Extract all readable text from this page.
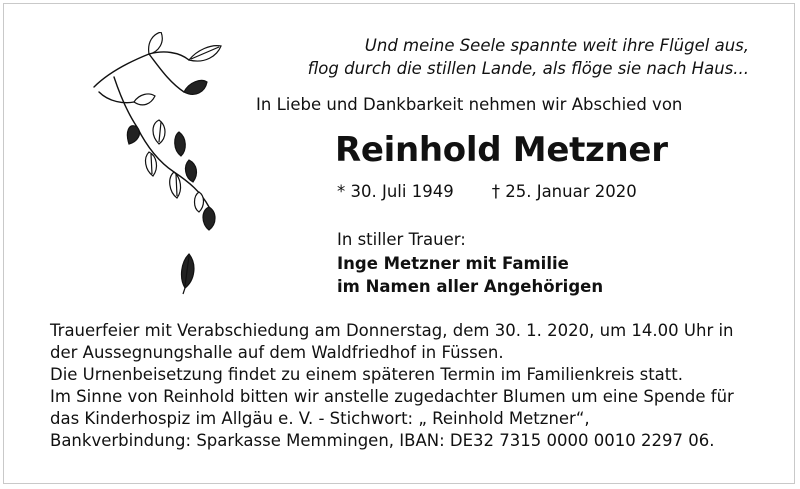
Und meine Seele spannte weit ihre Flügel aus,
flog durch die stillen Lande, als flöge sie nach Haus...
In Liebe und Dankbarkeit nehmen wir Abschied von
Reinhold Metzner
* 30. Juli 1949 † 25. Januar 2020
In stiller Trauer:
Inge Metzner mit Familie
im Namen aller Angehörigen
Trauerfeier mit Verabschiedung am Donnerstag, dem 30. 1. 2020, um 14.00 Uhr in
der Aussegnungshalle auf dem Waldfriedhof in Füssen.
Die Urnenbeisetzung findet zu einem späteren Termin im Familienkreis statt.
Im Sinne von Reinhold bitten wir anstelle zugedachter Blumen um eine Spende für
das Kinderhospiz im Allgäu e. V. - Stichwort: „ Reinhold Metzner“,
Bankverbindung: Sparkasse Memmingen, IBAN: DE32 7315 0000 0010 2297 06.
